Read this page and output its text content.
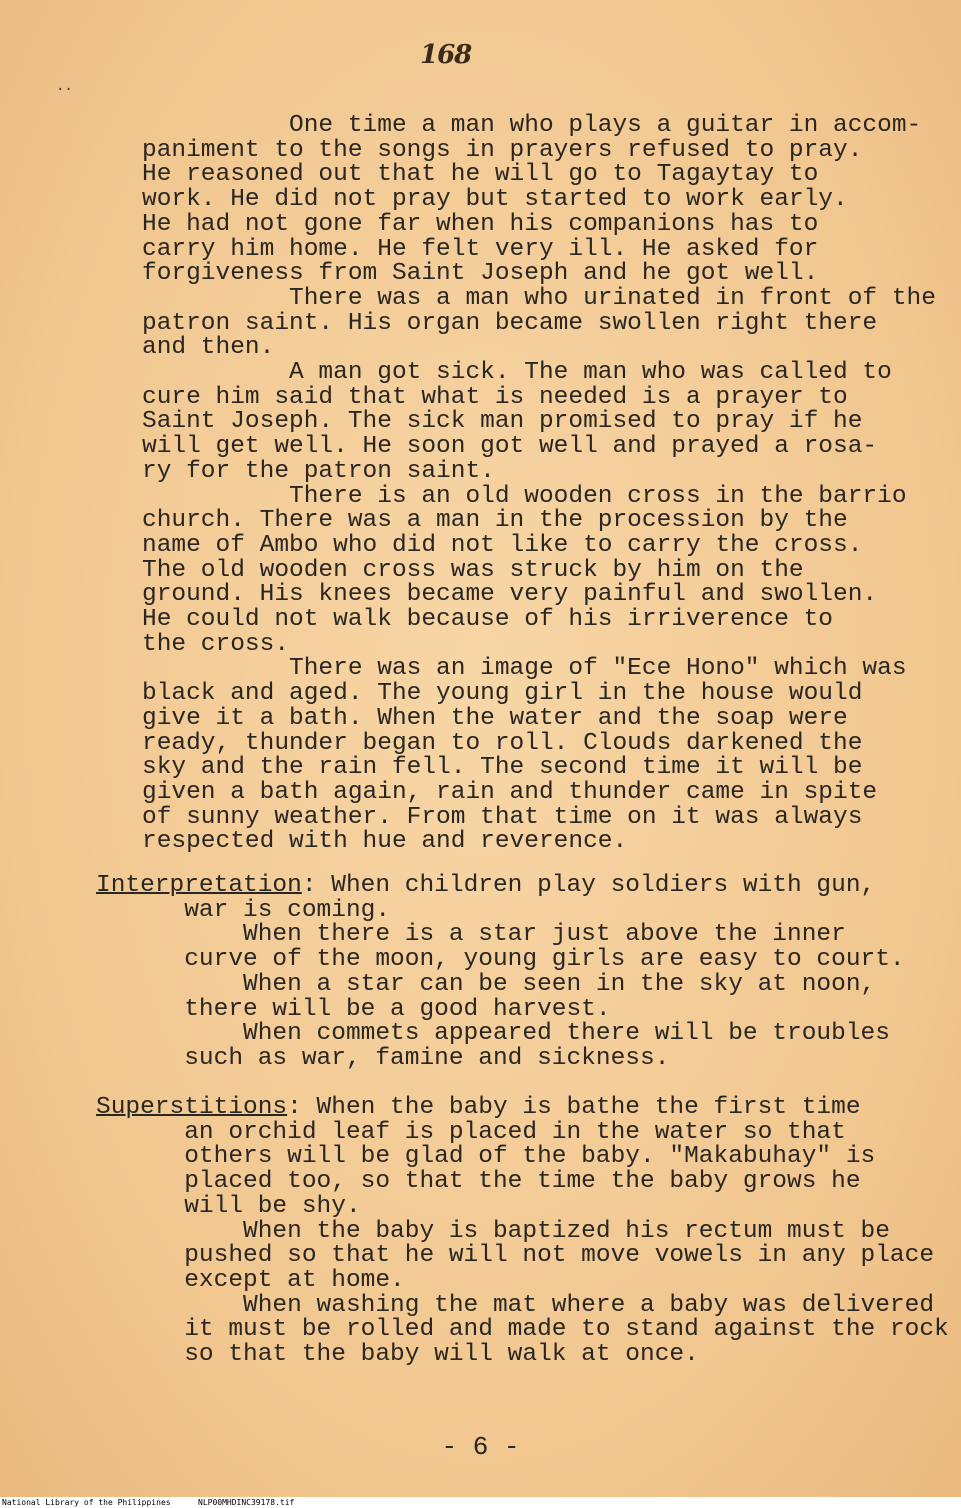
168
..
One time a man who plays a guitar in accom-
paniment to the songs in prayers refused to pray.
He reasoned out that he will go to Tagaytay to
work. He did not pray but started to work early.
He had not gone far when his companions has to
carry him home. He felt very ill. He asked for
forgiveness from Saint Joseph and he got well.
There was a man who urinated in front of the
patron saint. His organ became swollen right there
and then.
A man got sick. The man who was called to
cure him said that what is needed is a prayer to
Saint Joseph. The sick man promised to pray if he
will get well. He soon got well and prayed a rosa-
ry for the patron saint.
There is an old wooden cross in the barrio
church. There was a man in the procession by the
name of Ambo who did not like to carry the cross.
The old wooden cross was struck by him on the
ground. His knees became very painful and swollen.
He could not walk because of his irriverence to
the cross.
There was an image of "Ece Hono" which was
black and aged. The young girl in the house would
give it a bath. When the water and the soap were
ready, thunder began to roll. Clouds darkened the
sky and the rain fell. The second time it will be
given a bath again, rain and thunder came in spite
of sunny weather. From that time on it was always
respected with hue and reverence.
Interpretation: When children play soldiers with gun,
war is coming.
When there is a star just above the inner
curve of the moon, young girls are easy to court.
When a star can be seen in the sky at noon,
there will be a good harvest.
When commets appeared there will be troubles
such as war, famine and sickness.
Superstitions: When the baby is bathe the first time
an orchid leaf is placed in the water so that
others will be glad of the baby. "Makabuhay" is
placed too, so that the time the baby grows he
will be shy.
When the baby is baptized his rectum must be
pushed so that he will not move vowels in any place
except at home.
When washing the mat where a baby was delivered
it must be rolled and made to stand against the rock
so that the baby will walk at once.
- 6 -
National Library of the Philippines	NLP00MHDINC39178.tif
